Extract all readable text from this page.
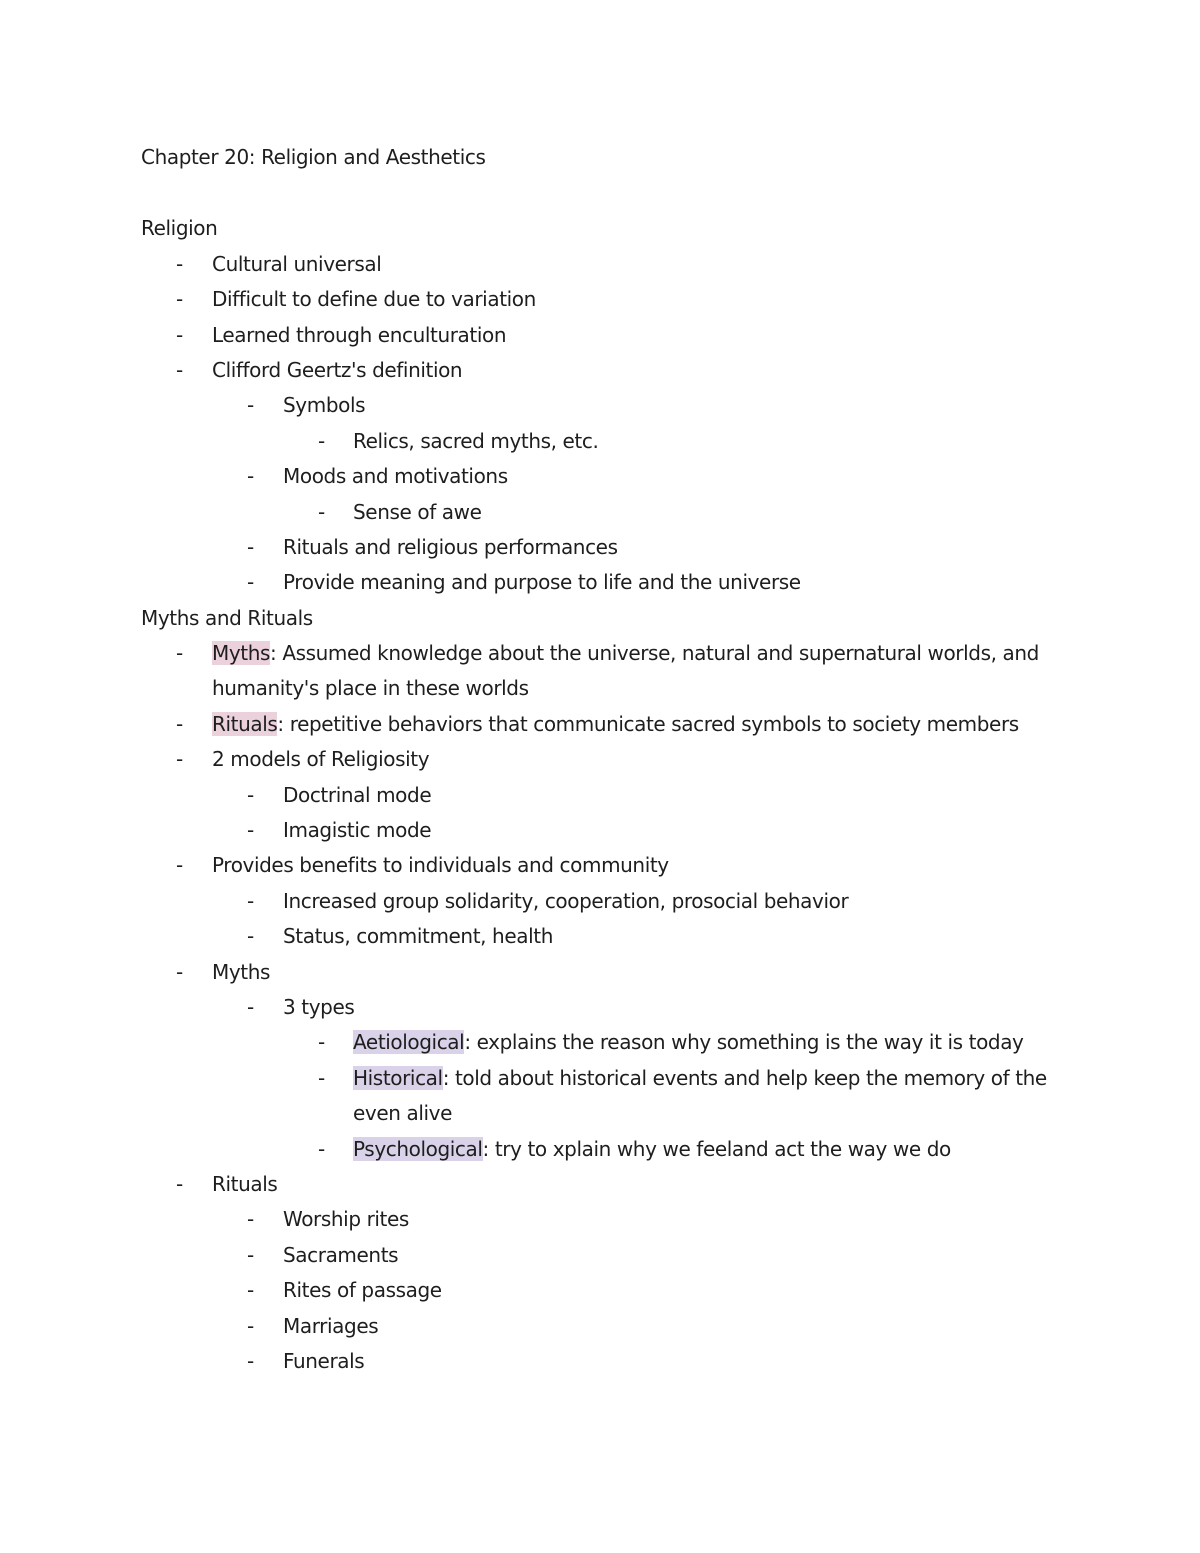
Chapter 20: Religion and Aesthetics
Religion
- Cultural universal
- Difficult to define due to variation
- Learned through enculturation
- Clifford Geertz's definition
- Symbols
- Relics, sacred myths, etc.
- Moods and motivations
- Sense of awe
- Rituals and religious performances
- Provide meaning and purpose to life and the universe
Myths and Rituals
- Myths: Assumed knowledge about the universe, natural and supernatural worlds, and
humanity's place in these worlds
- Rituals: repetitive behaviors that communicate sacred symbols to society members
- 2 models of Religiosity
- Doctrinal mode
- Imagistic mode
- Provides benefits to individuals and community
- Increased group solidarity, cooperation, prosocial behavior
- Status, commitment, health
- Myths
- 3 types
- Aetiological: explains the reason why something is the way it is today
- Historical: told about historical events and help keep the memory of the
even alive
- Psychological: try to xplain why we feeland act the way we do
- Rituals
- Worship rites
- Sacraments
- Rites of passage
- Marriages
- Funerals
